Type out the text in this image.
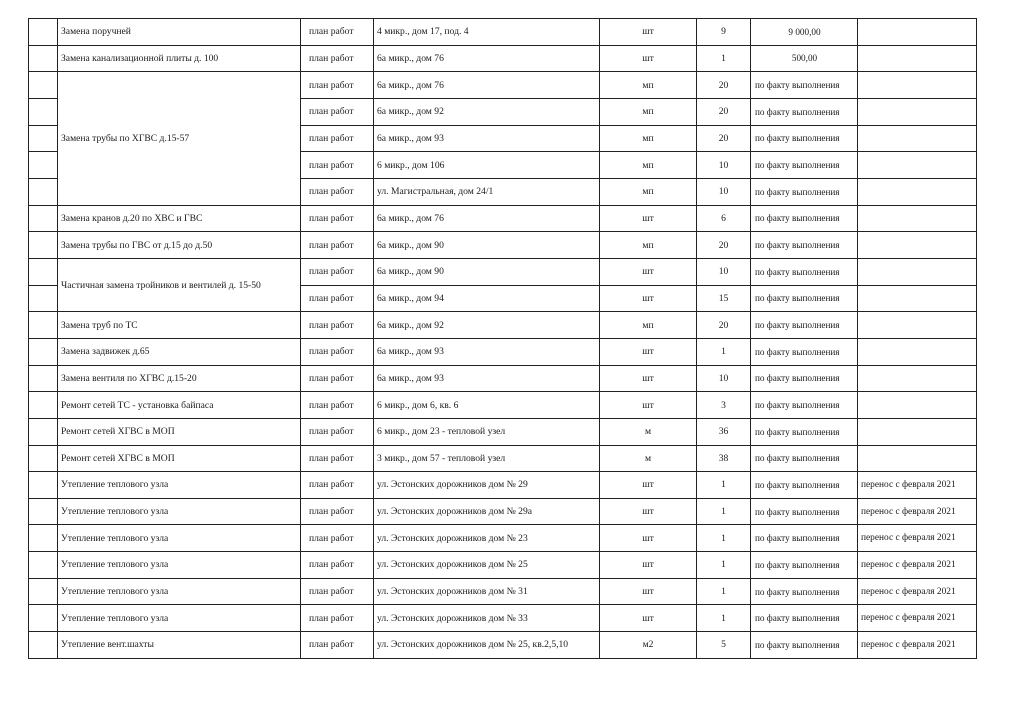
	Замена поручней	план работ	4 микр., дом 17, под. 4	шт	9	9 000,00	
	Замена канализационной плиты д. 100	план работ	6а микр., дом 76	шт	1	500,00	
	Замена трубы по ХГВС д.15-57	план работ	6а микр., дом 76	мп	20	по факту выполнения	
		план работ	6а микр., дом 92	мп	20	по факту выполнения	
		план работ	6а микр., дом 93	мп	20	по факту выполнения	
		план работ	6 микр., дом 106	мп	10	по факту выполнения	
		план работ	ул. Магистральная, дом 24/1	мп	10	по факту выполнения	
	Замена кранов д.20 по ХВС и ГВС	план работ	6а микр., дом 76	шт	6	по факту выполнения	
	Замена трубы по ГВС от д.15 до д.50	план работ	6а микр., дом 90	мп	20	по факту выполнения	
	Частичная замена тройников и вентилей д. 15-50	план работ	6а микр., дом 90	шт	10	по факту выполнения	
		план работ	6а микр., дом 94	шт	15	по факту выполнения	
	Замена труб по ТС	план работ	6а микр., дом 92	мп	20	по факту выполнения	
	Замена задвижек д.65	план работ	6а микр., дом 93	шт	1	по факту выполнения	
	Замена вентиля по ХГВС д.15-20	план работ	6а микр., дом 93	шт	10	по факту выполнения	
	Ремонт сетей ТС - установка байпаса	план работ	6 микр., дом 6, кв. 6	шт	3	по факту выполнения	
	Ремонт сетей ХГВС в МОП	план работ	6 микр., дом 23 - тепловой узел	м	36	по факту выполнения	
	Ремонт сетей ХГВС в МОП	план работ	3 микр., дом 57 - тепловой узел	м	38	по факту выполнения	
	Утепление теплового узла	план работ	ул. Эстонских дорожников дом № 29	шт	1	по факту выполнения	перенос с февраля 2021
	Утепление теплового узла	план работ	ул. Эстонских дорожников дом № 29а	шт	1	по факту выполнения	перенос с февраля 2021
	Утепление теплового узла	план работ	ул. Эстонских дорожников дом № 23	шт	1	по факту выполнения	перенос с февраля 2021
	Утепление теплового узла	план работ	ул. Эстонских дорожников дом № 25	шт	1	по факту выполнения	перенос с февраля 2021
	Утепление теплового узла	план работ	ул. Эстонских дорожников дом № 31	шт	1	по факту выполнения	перенос с февраля 2021
	Утепление теплового узла	план работ	ул. Эстонских дорожников дом № 33	шт	1	по факту выполнения	перенос с февраля 2021
	Утепление вент.шахты	план работ	ул. Эстонских дорожников дом № 25, кв.2,5,10	м2	5	по факту выполнения	перенос с февраля 2021
